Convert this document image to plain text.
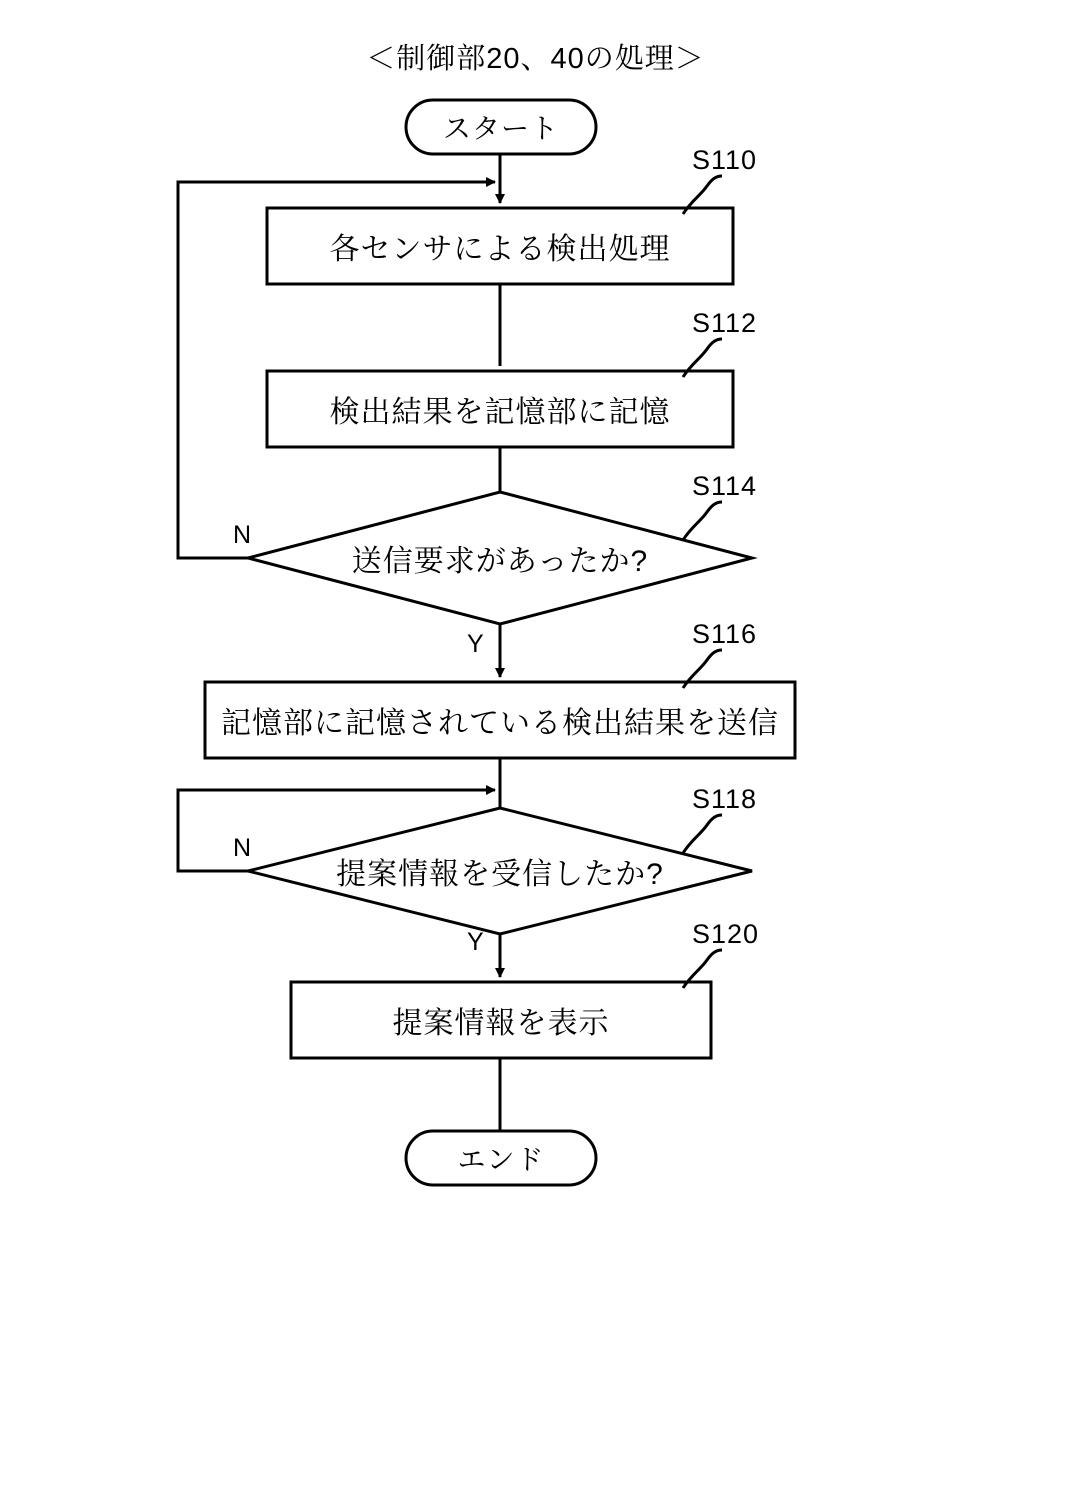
＜制御部20、40の処理＞
スタート
各センサによる検出処理
検出結果を記憶部に記憶
送信要求があったか?
記憶部に記憶されている検出結果を送信
提案情報を受信したか?
提案情報を表示
エンド
S110
S112
S114
S116
S118
S120
N
Y
N
Y
